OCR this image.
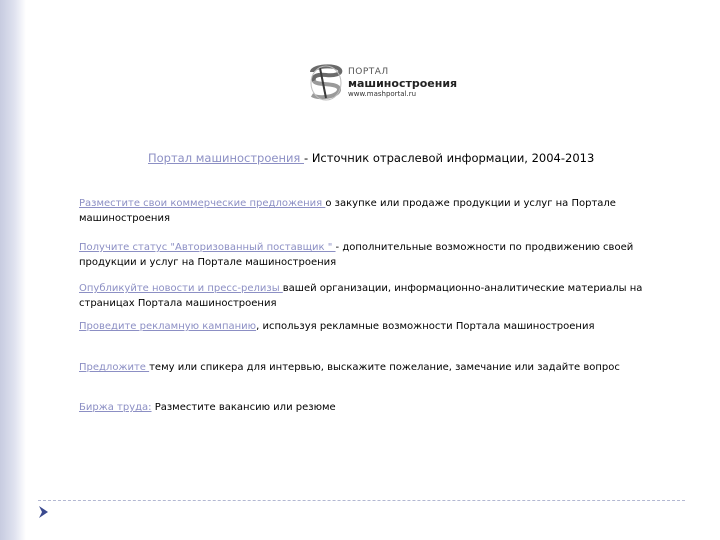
ПОРТАЛ
машиностроения
www.mashportal.ru
Портал машиностроения - Источник отраслевой информации, 2004-2013
Разместите свои коммерческие предложения о закупке или продаже продукции и услуг на Портале машиностроения
Получите статус "Авторизованный поставщик " - дополнительные возможности по продвижению своей продукции и услуг на Портале машиностроения
Опубликуйте новости и пресс-релизы вашей организации, информационно-аналитические материалы на страницах Портала машиностроения
Проведите рекламную кампанию, используя рекламные возможности Портала машиностроения
Предложите тему или спикера для интервью, выскажите пожелание, замечание или задайте вопрос
Биржа труда: Разместите вакансию или резюме
